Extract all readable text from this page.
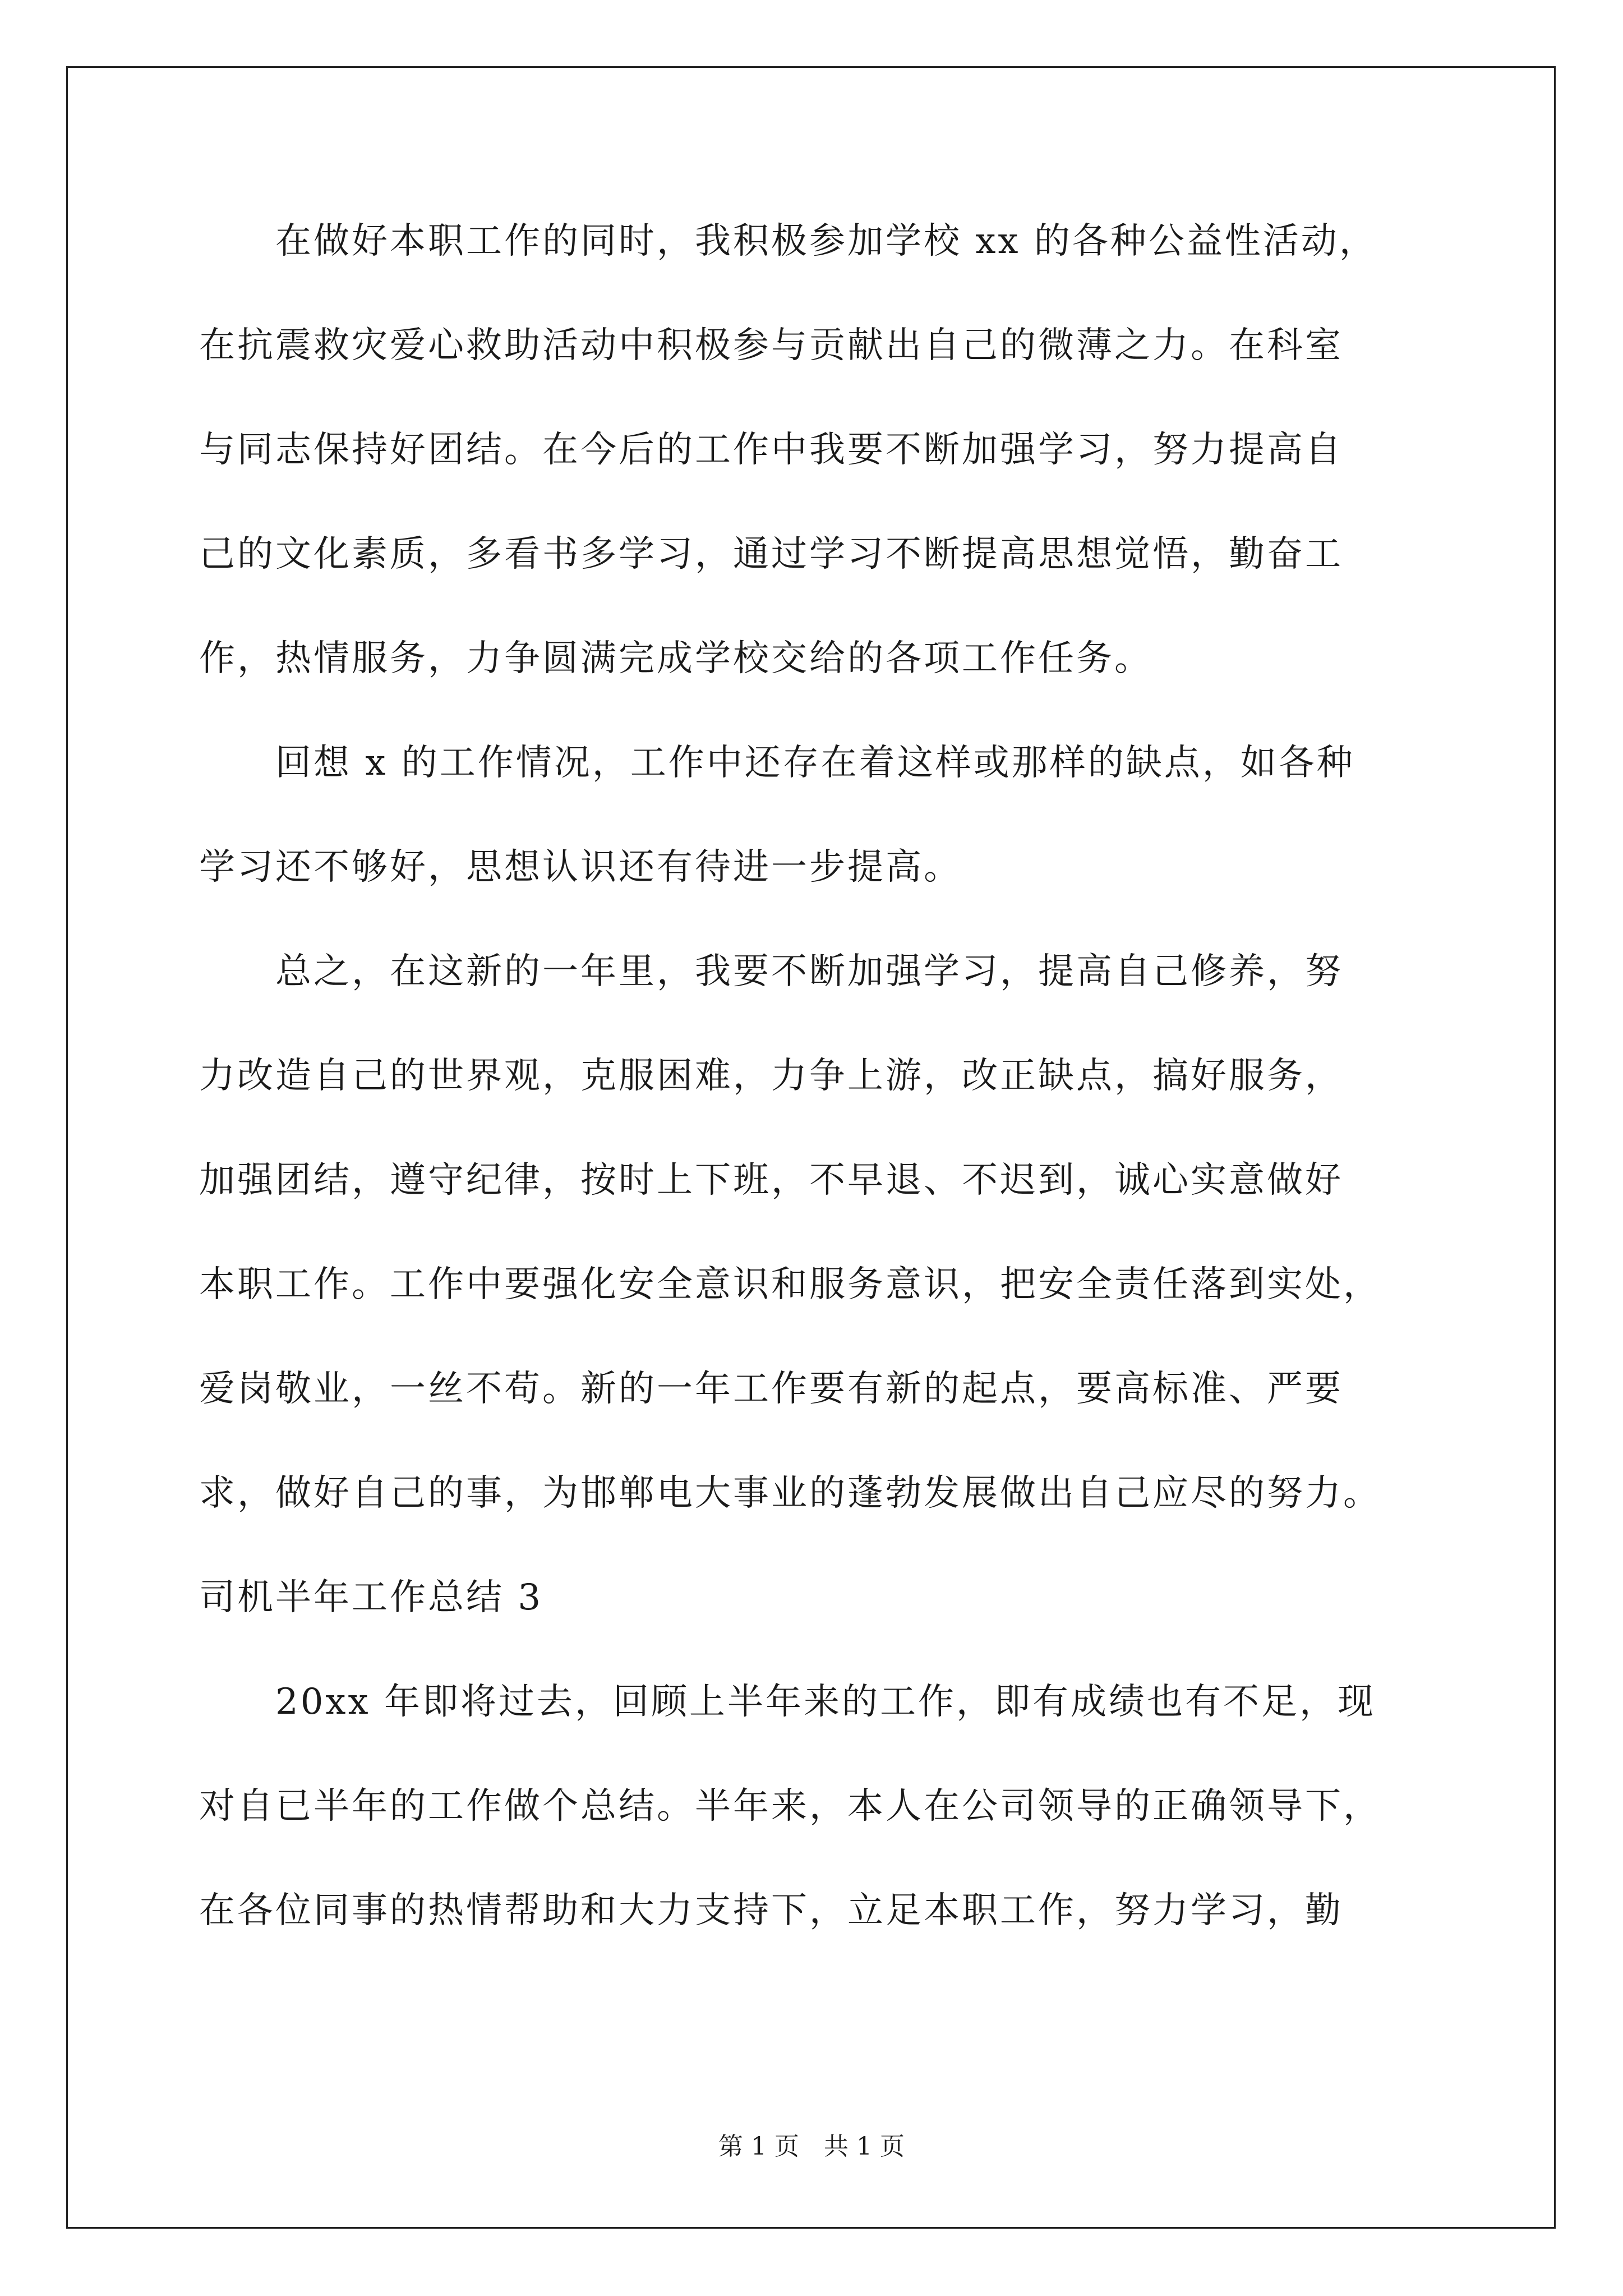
　　在做好本职工作的同时，我积极参加学校 xx 的各种公益性活动，
在抗震救灾爱心救助活动中积极参与贡献出自己的微薄之力。在科室
与同志保持好团结。在今后的工作中我要不断加强学习，努力提高自
己的文化素质，多看书多学习，通过学习不断提高思想觉悟，勤奋工
作，热情服务，力争圆满完成学校交给的各项工作任务。
　　回想 x 的工作情况，工作中还存在着这样或那样的缺点，如各种
学习还不够好，思想认识还有待进一步提高。
　　总之，在这新的一年里，我要不断加强学习，提高自己修养，努
力改造自己的世界观，克服困难，力争上游，改正缺点，搞好服务，
加强团结，遵守纪律，按时上下班，不早退、不迟到，诚心实意做好
本职工作。工作中要强化安全意识和服务意识，把安全责任落到实处，
爱岗敬业，一丝不苟。新的一年工作要有新的起点，要高标准、严要
求，做好自己的事，为邯郸电大事业的蓬勃发展做出自己应尽的努力。
司机半年工作总结 3
　　20xx 年即将过去，回顾上半年来的工作，即有成绩也有不足，现
对自已半年的工作做个总结。半年来，本人在公司领导的正确领导下，
在各位同事的热情帮助和大力支持下，立足本职工作，努力学习，勤
第 1 页　共 1 页
